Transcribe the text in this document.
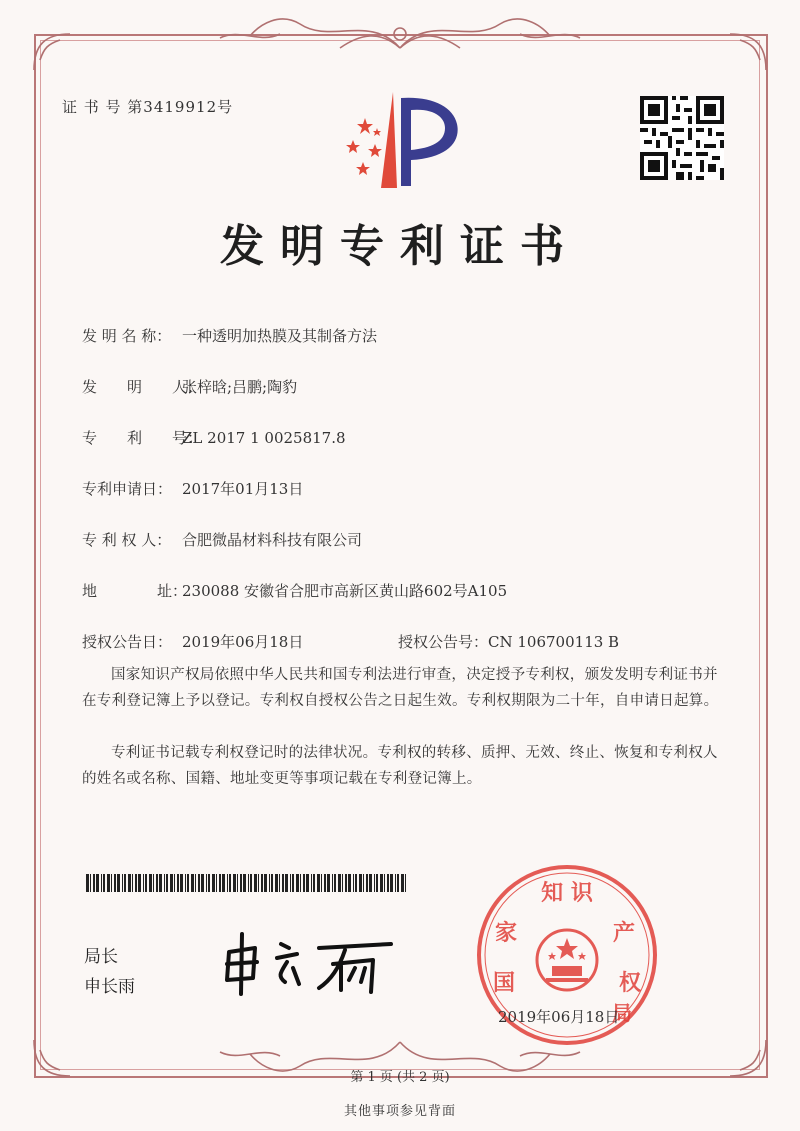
证 书 号 第3419912号
发明专利证书
发 明 名 称： 一种透明加热膜及其制备方法
发　　明　　人：张梓晗;吕鹏;陶豹
专　　利　　号：ZL 2017 1 0025817.8
专利申请日： 2017年01月13日
专 利 权 人： 合肥微晶材料科技有限公司
地　　　　址：230088 安徽省合肥市高新区黄山路602号A105
授权公告日： 2019年06月18日	授权公告号：CN 106700113 B
国家知识产权局依照中华人民共和国专利法进行审查，决定授予专利权，颁发发明专利证书并在专利登记簿上予以登记。专利权自授权公告之日起生效。专利权期限为二十年，自申请日起算。
专利证书记载专利权登记时的法律状况。专利权的转移、质押、无效、终止、恢复和专利权人的姓名或名称、国籍、地址变更等事项记载在专利登记簿上。
局长
申长雨
知 识
家
国
产
权
局
2019年06月18日
第 1 页 (共 2 页)
其他事项参见背面
